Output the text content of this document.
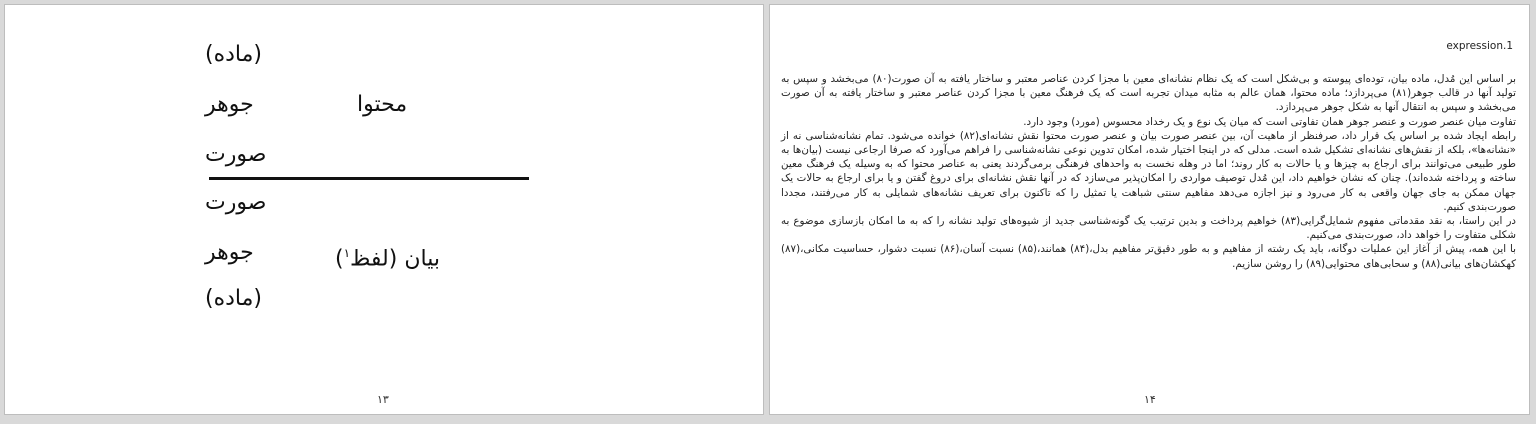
(ماده)
جوهر	محتوا
صورت
صورت
جوهر	بیان (لفظ$^۱$)
(ماده)
۱۳
expression.1

بر اساس این مُدل، ماده بیان، توده‌ای پیوسته و بی‌شکل است که یک نظام نشانه‌ای معین با مجزا کردن عناصر معتبر و ساختار یافته به آن صورت(۸۰) می‌بخشد و سپس به تولید آنها در قالب جوهر(۸۱) می‌پردازد؛ ماده محتوا، همان عالم به مثابه میدان تجربه است که یک فرهنگ معین با مجزا کردن عناصر معتبر و ساختار یافته به آن صورت می‌بخشد و سپس به انتقال آنها به شکل جوهر می‌پردازد.

تفاوت میان عنصر صورت و عنصر جوهر همان تفاوتی است که میان یک نوع و یک رخداد محسوس (مورد) وجود دارد.

رابطه ایجاد شده بر اساس یک قرار داد، صرفنظر از ماهیت آن، بین عنصر صورت بیان و عنصر صورت محتوا نقش نشانه‌ای(۸۲) خوانده می‌شود. تمام نشانه‌شناسی نه از «نشانه‌ها»، بلکه از نقش‌های نشانه‌ای تشکیل شده است. مدلی که در اینجا اختیار شده، امکان تدوین نوعی نشانه‌شناسی را فراهم می‌آورد که صرفا ارجاعی نیست (بیان‌ها به طور طبیعی می‌توانند برای ارجاع به چیزها و یا حالات به کار روند؛ اما در وهله نخست به واحدهای فرهنگی برمی‌گردند یعنی به عناصر محتوا که به وسیله یک فرهنگ معین ساخته و پرداخته شده‌اند). چنان که نشان خواهیم داد، این مُدل توصیف مواردی را امکان‌پذیر می‌سازد که در آنها نقش نشانه‌ای برای دروغ گفتن و یا برای ارجاع به حالات یک جهان ممکن به جای جهان واقعی به کار می‌رود و نیز اجازه می‌دهد مفاهیم سنتی شباهت یا تمثیل را که تاکنون برای تعریف نشانه‌های شمایلی به کار می‌رفتند، مجددا صورت‌بندی کنیم.

در این راستا، به نقد مقدماتی مفهوم شمایل‌گرایی(۸۳) خواهیم پرداخت و بدین ترتیب یک گونه‌شناسی جدید از شیوه‌های تولید نشانه را که به ما امکان بازسازی موضوع به شکلی متفاوت را خواهد داد، صورت‌بندی می‌کنیم.

با این همه، پیش از آغاز این عملیات دوگانه، باید یک رشته از مفاهیم و به طور دقیق‌تر مفاهیم بدل،(۸۴) همانند،(۸۵) نسبت آسان،(۸۶) نسبت دشوار، حساسیت مکانی،(۸۷) کهکشان‌های بیانی(۸۸) و سحابی‌های محتوایی(۸۹) را روشن سازیم.

۱۴
